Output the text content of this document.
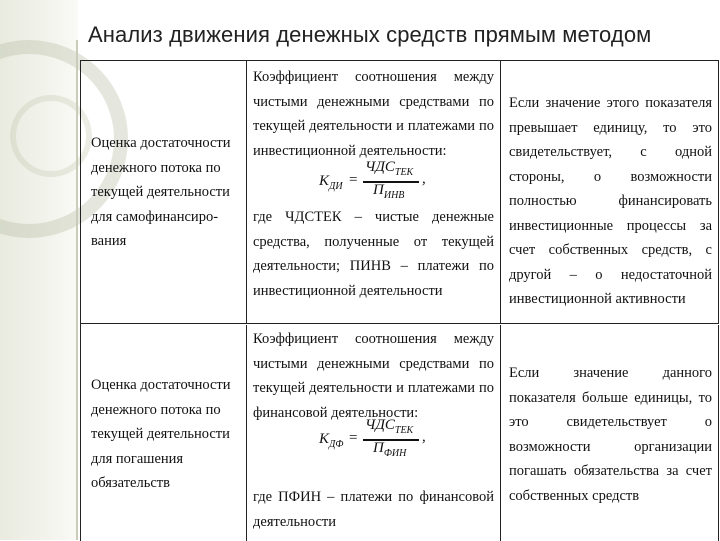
Анализ движения денежных средств прямым методом
Оценка достаточности денежного потока по текущей деятельности для самофинансиро-вания
Коэффициент соотношения между чистыми денежными средствами по текущей деятельности и платежами по инвестиционной деятельности:
$К_{ДИ}$ =
$ЧДС_{ТЕК}$
$П_{ИНВ}$
,
где ЧДСТЕК – чистые денежные средства, полученные от текущей деятельности; ПИНВ – платежи по инвестиционной деятельности
Если значение этого показателя превышает единицу, то это свидетельствует, с одной стороны, о возможности полностью финансировать инвестиционные процессы за счет собственных средств, с другой – о недостаточной инвестиционной активности
Оценка достаточности денежного потока по текущей деятельности для погашения обязательств
Коэффициент соотношения между чистыми денежными средствами по текущей деятельности и платежами по финансовой деятельности:
$К_{ДФ}$ =
$ЧДС_{ТЕК}$
$П_{ФИН}$
,
где ПФИН – платежи по финансовой деятельности
Если значение данного показателя больше единицы, то это свидетельствует о возможности организации погашать обязательства за счет собственных средств
